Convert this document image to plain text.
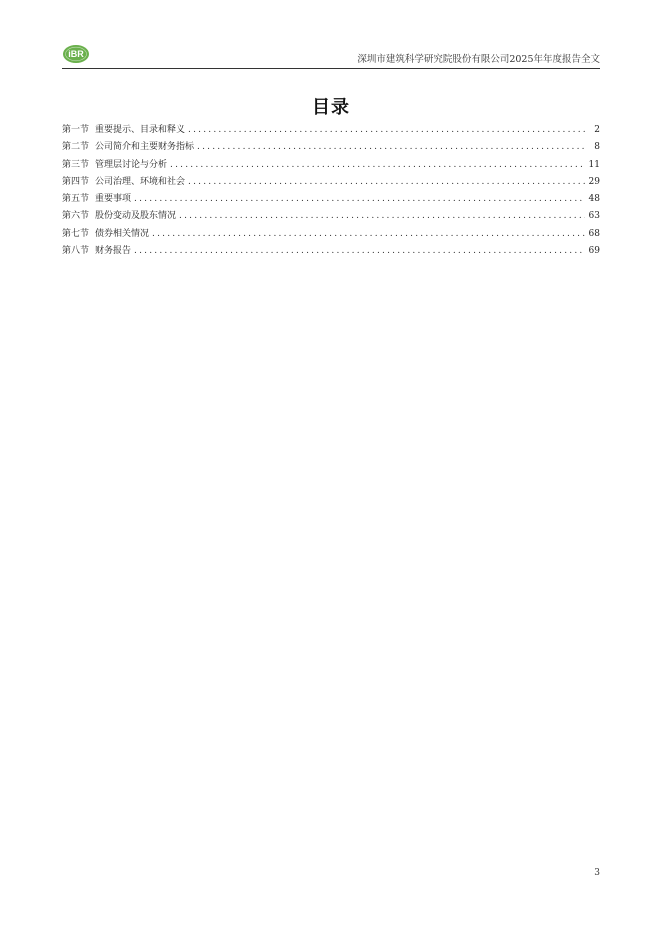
iBR	深圳市建筑科学研究院股份有限公司2025年年度报告全文
目录
第一节 重要提示、目录和释义 .....	2
第二节 公司简介和主要财务指标 .....	8
第三节 管理层讨论与分析 .....	11
第四节 公司治理、环境和社会 .....	29
第五节 重要事项 .....	48
第六节 股份变动及股东情况 .....	63
第七节 债券相关情况 .....	68
第八节 财务报告 .....	69
3
